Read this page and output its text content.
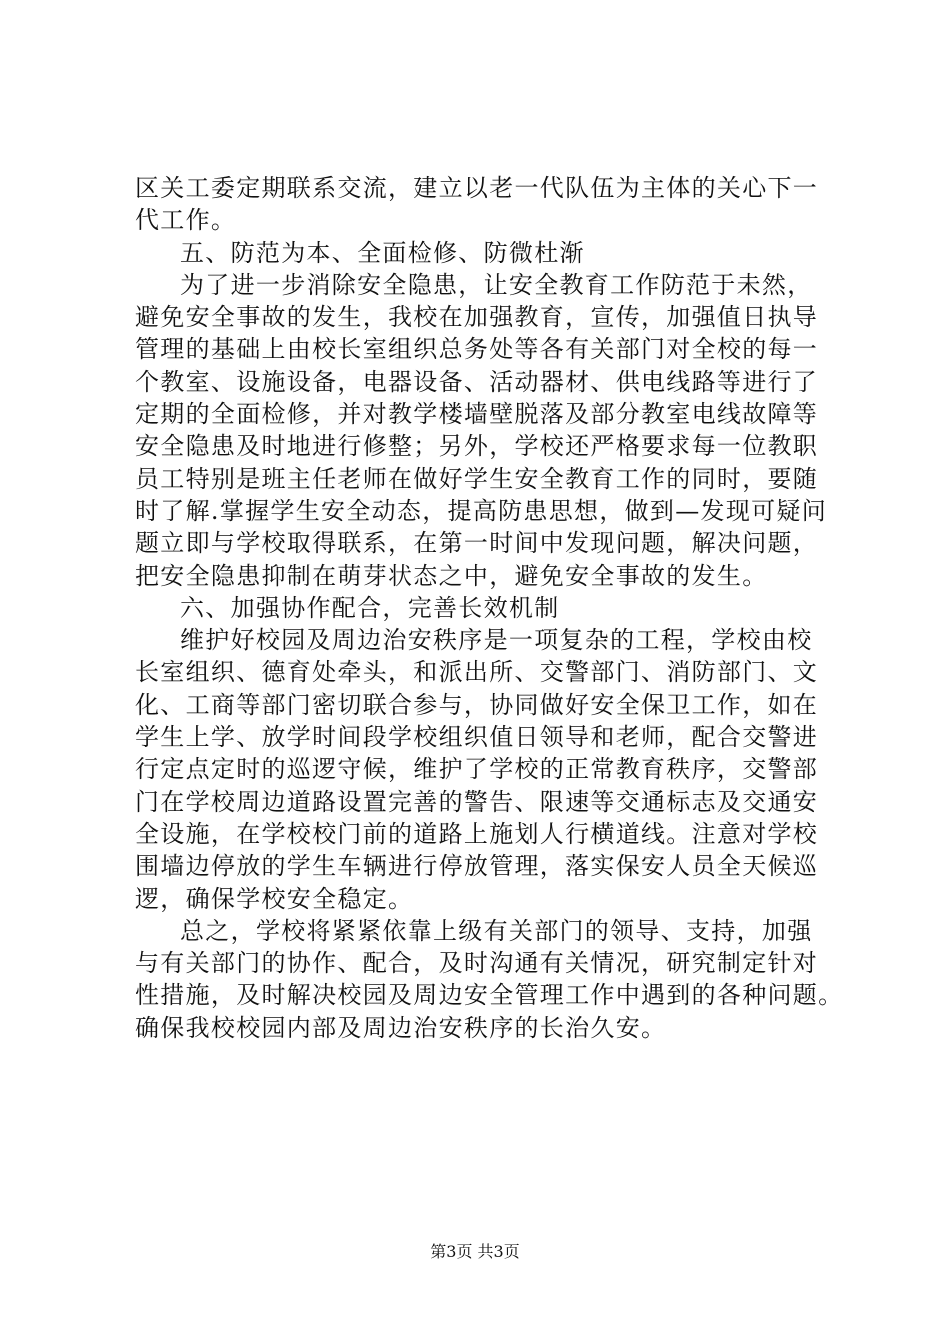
区关工委定期联系交流，建立以老一代队伍为主体的关心下一
代工作。
五、防范为本、全面检修、防微杜渐
为了进一步消除安全隐患，让安全教育工作防范于未然，
避免安全事故的发生，我校在加强教育，宣传，加强值日执导
管理的基础上由校长室组织总务处等各有关部门对全校的每一
个教室、设施设备，电器设备、活动器材、供电线路等进行了
定期的全面检修，并对教学楼墙壁脱落及部分教室电线故障等
安全隐患及时地进行修整；另外，学校还严格要求每一位教职
员工特别是班主任老师在做好学生安全教育工作的同时，要随
时了解.掌握学生安全动态，提高防患思想，做到—发现可疑问
题立即与学校取得联系，在第一时间中发现问题，解决问题，
把安全隐患抑制在萌芽状态之中，避免安全事故的发生。
六、加强协作配合，完善长效机制
维护好校园及周边治安秩序是一项复杂的工程，学校由校
长室组织、德育处牵头，和派出所、交警部门、消防部门、文
化、工商等部门密切联合参与，协同做好安全保卫工作，如在
学生上学、放学时间段学校组织值日领导和老师，配合交警进
行定点定时的巡逻守候，维护了学校的正常教育秩序，交警部
门在学校周边道路设置完善的警告、限速等交通标志及交通安
全设施，在学校校门前的道路上施划人行横道线。注意对学校
围墙边停放的学生车辆进行停放管理，落实保安人员全天候巡
逻，确保学校安全稳定。
总之，学校将紧紧依靠上级有关部门的领导、支持，加强
与有关部门的协作、配合，及时沟通有关情况，研究制定针对
性措施，及时解决校园及周边安全管理工作中遇到的各种问题。
确保我校校园内部及周边治安秩序的长治久安。
第3页 共3页
